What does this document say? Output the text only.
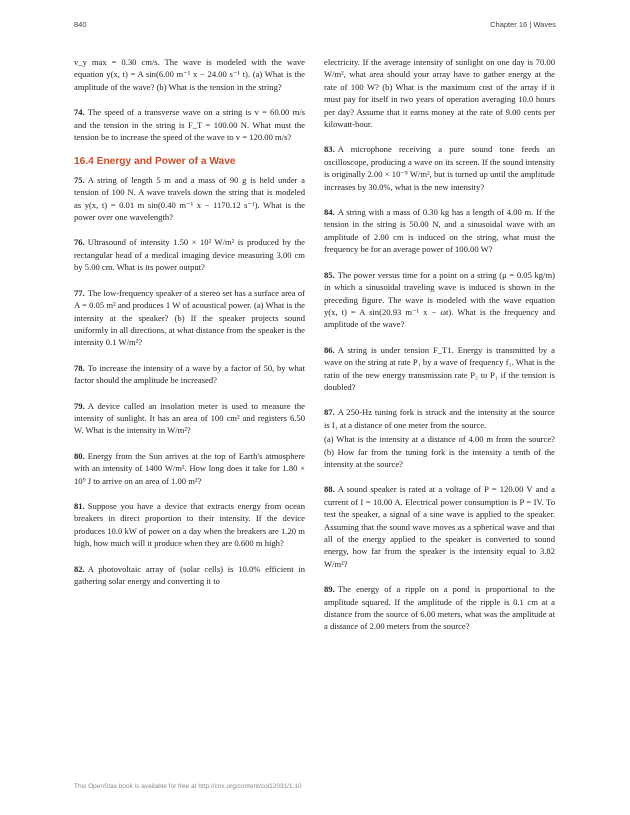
840	Chapter 16 | Waves

v_y max = 0.30 cm/s. The wave is modeled with the wave equation y(x, t) = A sin(6.00 m⁻¹ x − 24.00 s⁻¹ t). (a) What is the amplitude of the wave? (b) What is the tension in the string?

74. The speed of a transverse wave on a string is v = 60.00 m/s and the tension in the string is F_T = 100.00 N. What must the tension be to increase the speed of the wave to v = 120.00 m/s?

16.4 Energy and Power of a Wave

75. A string of length 5 m and a mass of 90 g is held under a tension of 100 N. A wave travels down the string that is modeled as y(x, t) = 0.01 m sin(0.40 m⁻¹ x − 1170.12 s⁻¹). What is the power over one wavelength?

76. Ultrasound of intensity 1.50 × 10² W/m² is produced by the rectangular head of a medical imaging device measuring 3.00 cm by 5.00 cm. What is its power output?

77. The low-frequency speaker of a stereo set has a surface area of A = 0.05 m² and produces 1 W of acoustical power. (a) What is the intensity at the speaker? (b) If the speaker projects sound uniformly in all directions, at what distance from the speaker is the intensity 0.1 W/m²?

78. To increase the intensity of a wave by a factor of 50, by what factor should the amplitude be increased?

79. A device called an insolation meter is used to measure the intensity of sunlight. It has an area of 100 cm² and registers 6.50 W. What is the intensity in W/m²?

80. Energy from the Sun arrives at the top of Earth's atmosphere with an intensity of 1400 W/m². How long does it take for 1.80 × 10⁹ J to arrive on an area of 1.00 m²?

81. Suppose you have a device that extracts energy from ocean breakers in direct proportion to their intensity. If the device produces 10.0 kW of power on a day when the breakers are 1.20 m high, how much will it produce when they are 0.600 m high?

82. A photovoltaic array of (solar cells) is 10.0% efficient in gathering solar energy and converting it to

electricity. If the average intensity of sunlight on one day is 70.00 W/m², what area should your array have to gather energy at the rate of 100 W? (b) What is the maximum cost of the array if it must pay for itself in two years of operation averaging 10.0 hours per day? Assume that it earns money at the rate of 9.00 cents per kilowatt-hour.

83. A microphone receiving a pure sound tone feeds an oscilloscope, producing a wave on its screen. If the sound intensity is originally 2.00 × 10⁻⁵ W/m², but is turned up until the amplitude increases by 30.0%, what is the new intensity?

84. A string with a mass of 0.30 kg has a length of 4.00 m. If the tension in the string is 50.00 N, and a sinusoidal wave with an amplitude of 2.00 cm is induced on the string, what must the frequency be for an average power of 100.00 W?

85. The power versus time for a point on a string (μ = 0.05 kg/m) in which a sinusoidal traveling wave is induced is shown in the preceding figure. The wave is modeled with the wave equation y(x, t) = A sin(20.93 m⁻¹ x − ωt). What is the frequency and amplitude of the wave?

86. A string is under tension F_T1. Energy is transmitted by a wave on the string at rate P₁ by a wave of frequency f₁. What is the ratio of the new energy transmission rate P₂ to P₁ if the tension is doubled?

87. A 250-Hz tuning fork is struck and the intensity at the source is I₁ at a distance of one meter from the source.

(a) What is the intensity at a distance of 4.00 m from the source? (b) How far from the tuning fork is the intensity a tenth of the intensity at the source?

88. A sound speaker is rated at a voltage of P = 120.00 V and a current of I = 10.00 A. Electrical power consumption is P = IV. To test the speaker, a signal of a sine wave is applied to the speaker. Assuming that the sound wave moves as a spherical wave and that all of the energy applied to the speaker is converted to sound energy, how far from the speaker is the intensity equal to 3.82 W/m²?

89. The energy of a ripple on a pond is proportional to the amplitude squared. If the amplitude of the ripple is 0.1 cm at a distance from the source of 6.00 meters, what was the amplitude at a distance of 2.00 meters from the source?

This OpenStax book is available for free at http://cnx.org/content/col12031/1.10
